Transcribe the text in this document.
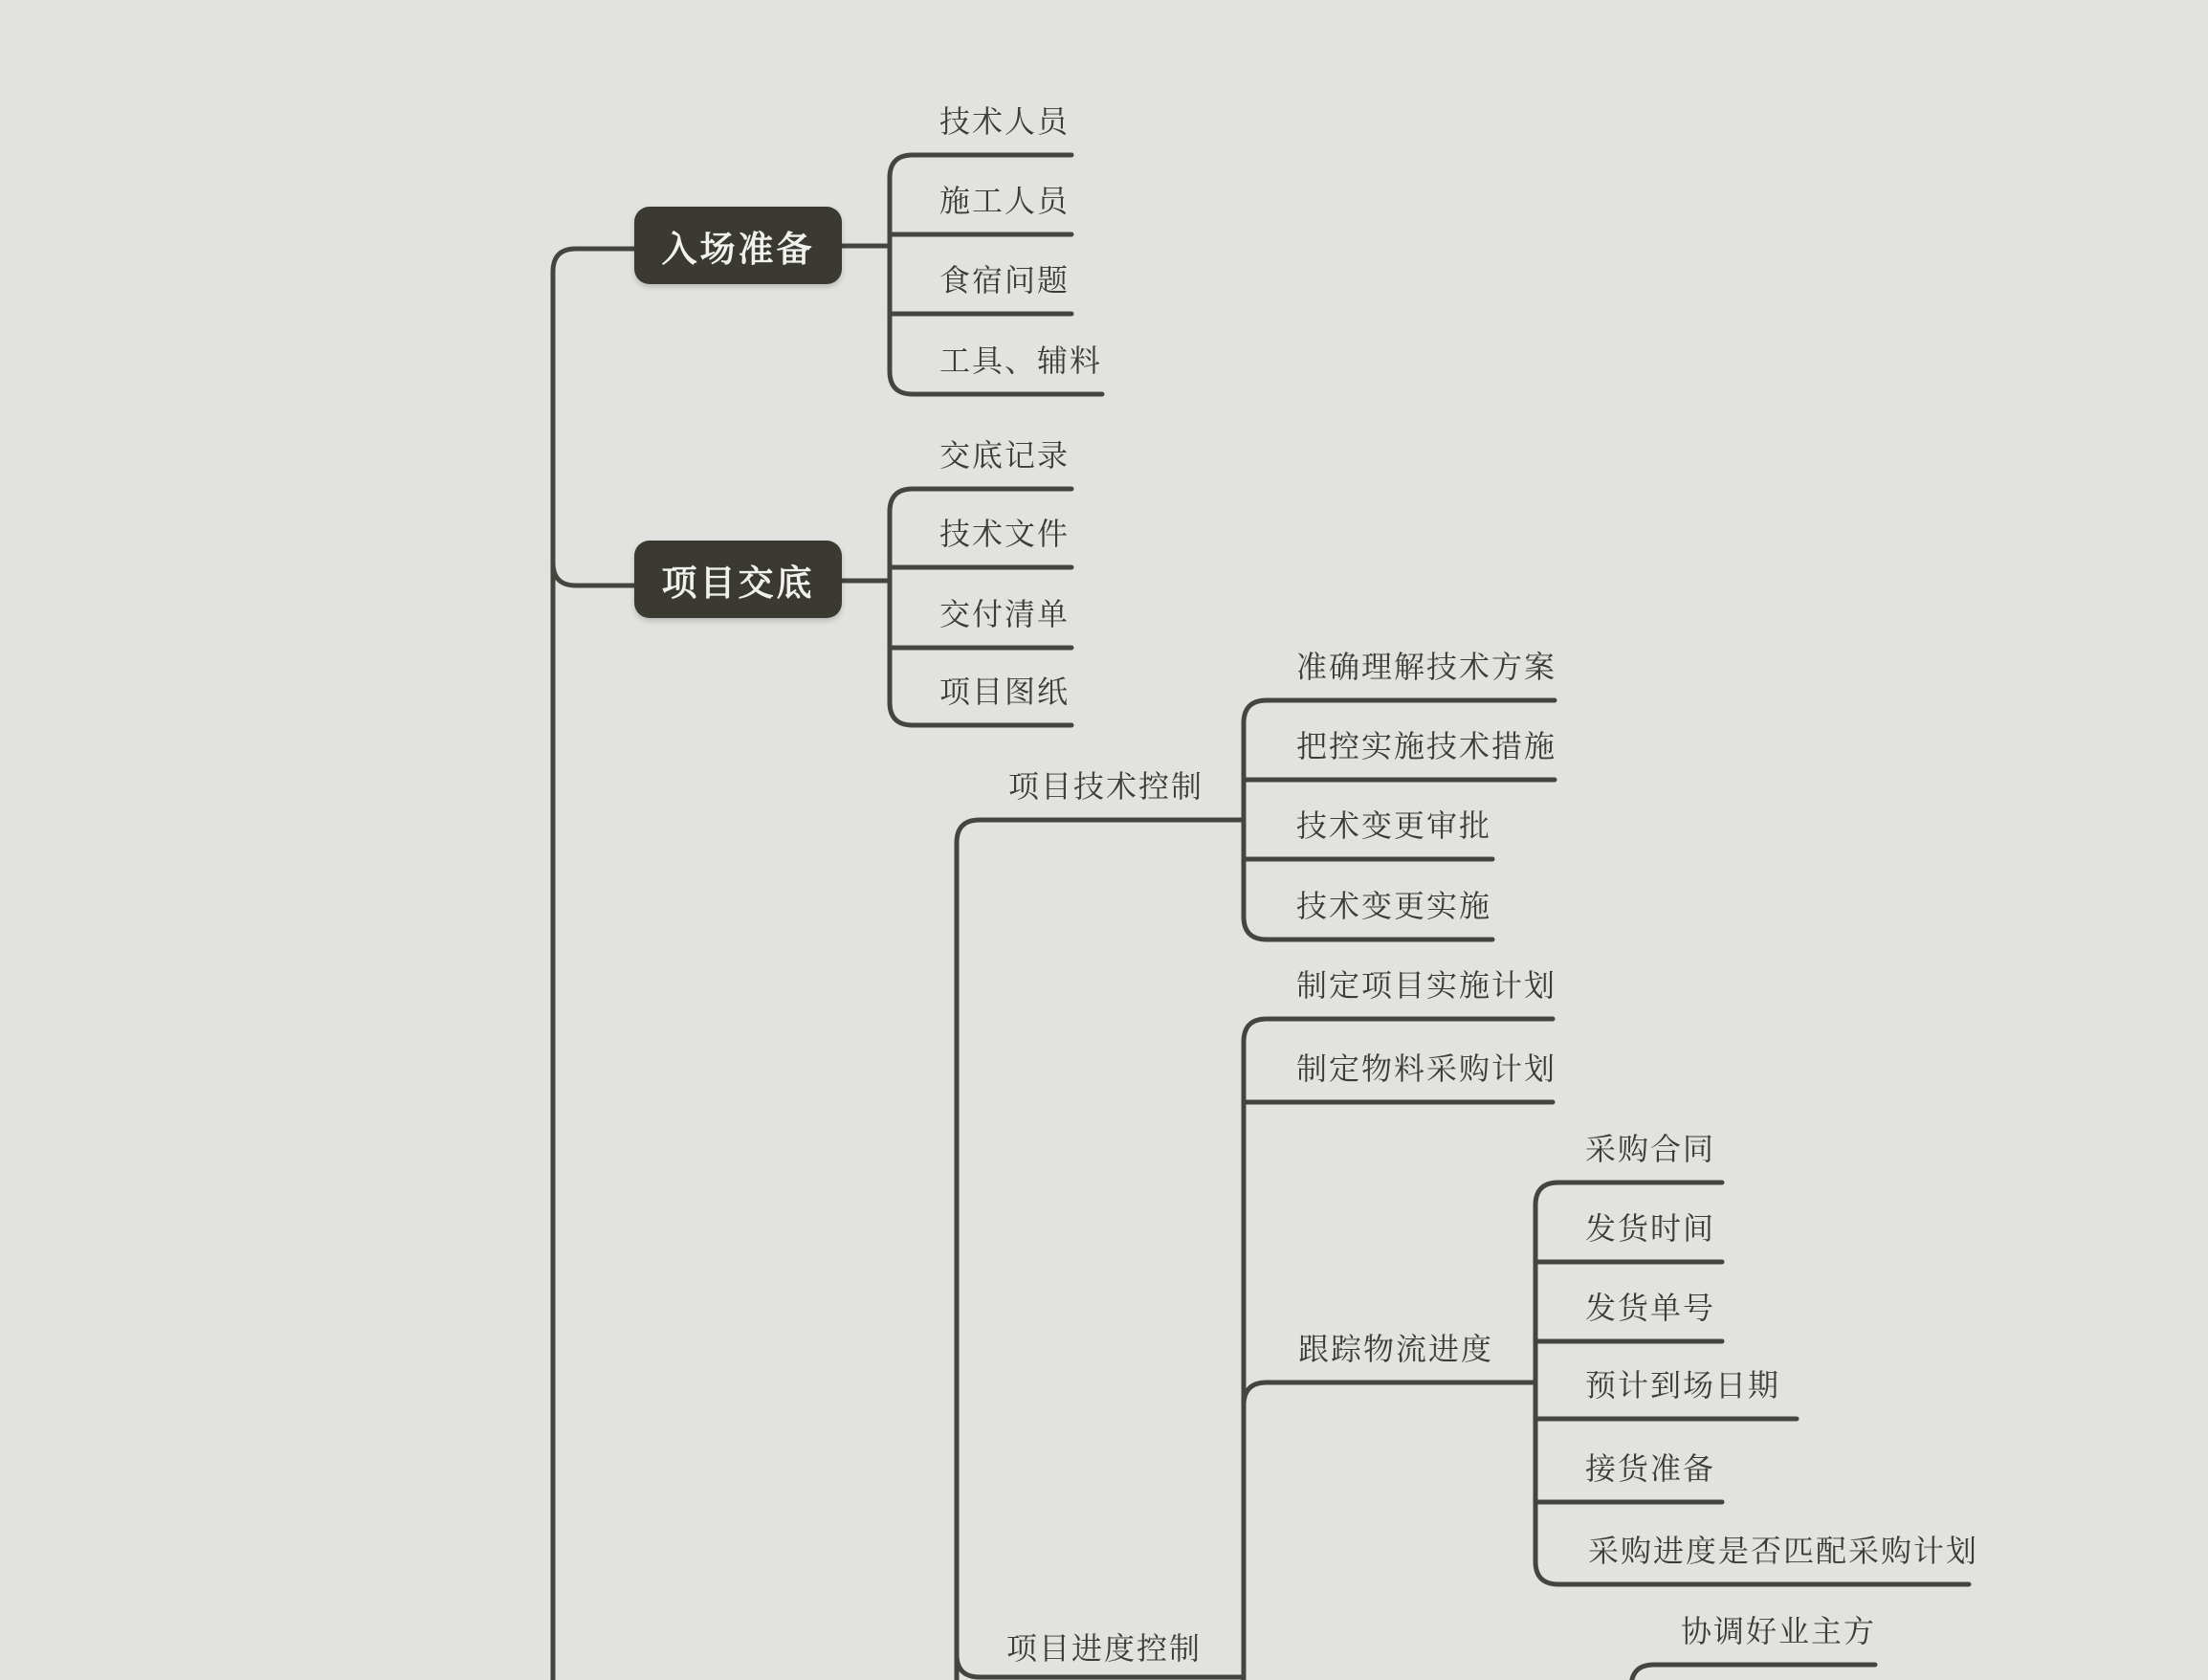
入场准备
项目交底
技术人员
施工人员
食宿问题
工具、辅料
交底记录
技术文件
交付清单
项目图纸
项目技术控制
准确理解技术方案
把控实施技术措施
技术变更审批
技术变更实施
项目进度控制
制定项目实施计划
制定物料采购计划
跟踪物流进度
采购合同
发货时间
发货单号
预计到场日期
接货准备
采购进度是否匹配采购计划
协调好业主方
